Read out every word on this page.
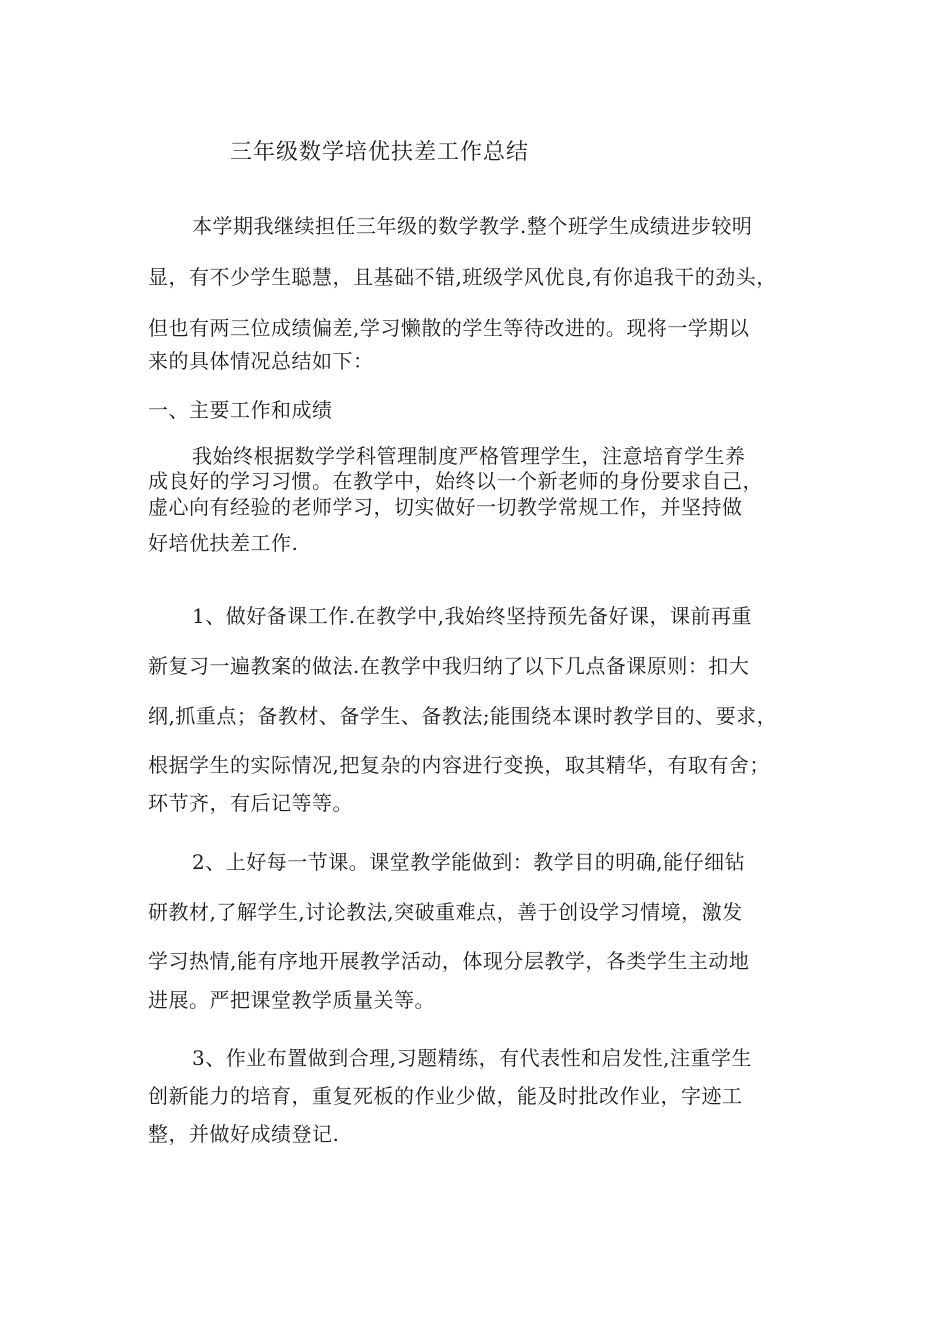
三年级数学培优扶差工作总结
本学期我继续担任三年级的数学教学.整个班学生成绩进步较明
显，有不少学生聪慧，且基础不错,班级学风优良,有你追我干的劲头，
但也有两三位成绩偏差,学习懒散的学生等待改进的。现将一学期以
来的具体情况总结如下：
一、主要工作和成绩
我始终根据数学学科管理制度严格管理学生，注意培育学生养
成良好的学习习惯。在教学中，始终以一个新老师的身份要求自己，
虚心向有经验的老师学习，切实做好一切教学常规工作，并坚持做
好培优扶差工作.
1、做好备课工作.在教学中,我始终坚持预先备好课，课前再重
新复习一遍教案的做法.在教学中我归纳了以下几点备课原则：扣大
纲,抓重点；备教材、备学生、备教法;能围绕本课时教学目的、要求，
根据学生的实际情况,把复杂的内容进行变换，取其精华，有取有舍；
环节齐，有后记等等。
2、上好每一节课。课堂教学能做到：教学目的明确,能仔细钻
研教材,了解学生,讨论教法,突破重难点，善于创设学习情境，激发
学习热情,能有序地开展教学活动，体现分层教学，各类学生主动地
进展。严把课堂教学质量关等。
3、作业布置做到合理,习题精练，有代表性和启发性,注重学生
创新能力的培育，重复死板的作业少做，能及时批改作业，字迹工
整，并做好成绩登记.
